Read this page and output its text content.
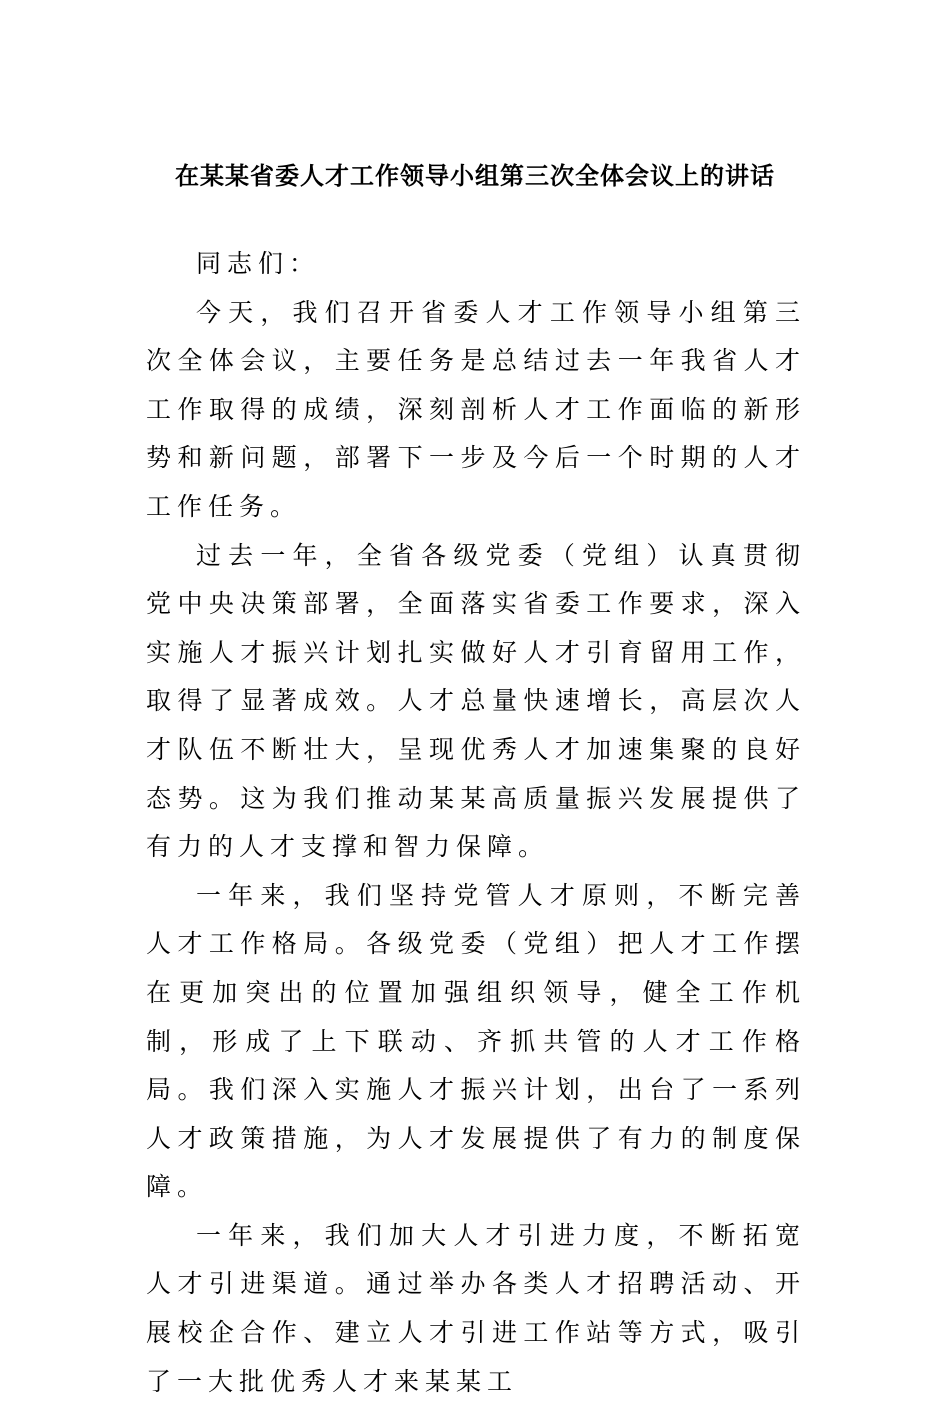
在某某省委人才工作领导小组第三次全体会议上的讲话

同志们：

今天，我们召开省委人才工作领导小组第三次全体会议，主要任务是总结过去一年我省人才工作取得的成绩，深刻剖析人才工作面临的新形势和新问题，部署下一步及今后一个时期的人才工作任务。

过去一年，全省各级党委（党组）认真贯彻党中央决策部署，全面落实省委工作要求，深入实施人才振兴计划扎实做好人才引育留用工作，取得了显著成效。人才总量快速增长，高层次人才队伍不断壮大，呈现优秀人才加速集聚的良好态势。这为我们推动某某高质量振兴发展提供了有力的人才支撑和智力保障。

一年来，我们坚持党管人才原则，不断完善人才工作格局。各级党委（党组）把人才工作摆在更加突出的位置加强组织领导，健全工作机制，形成了上下联动、齐抓共管的人才工作格局。我们深入实施人才振兴计划，出台了一系列人才政策措施，为人才发展提供了有力的制度保障。

一年来，我们加大人才引进力度，不断拓宽人才引进渠道。通过举办各类人才招聘活动、开展校企合作、建立人才引进工作站等方式，吸引了一大批优秀人才来某某工
